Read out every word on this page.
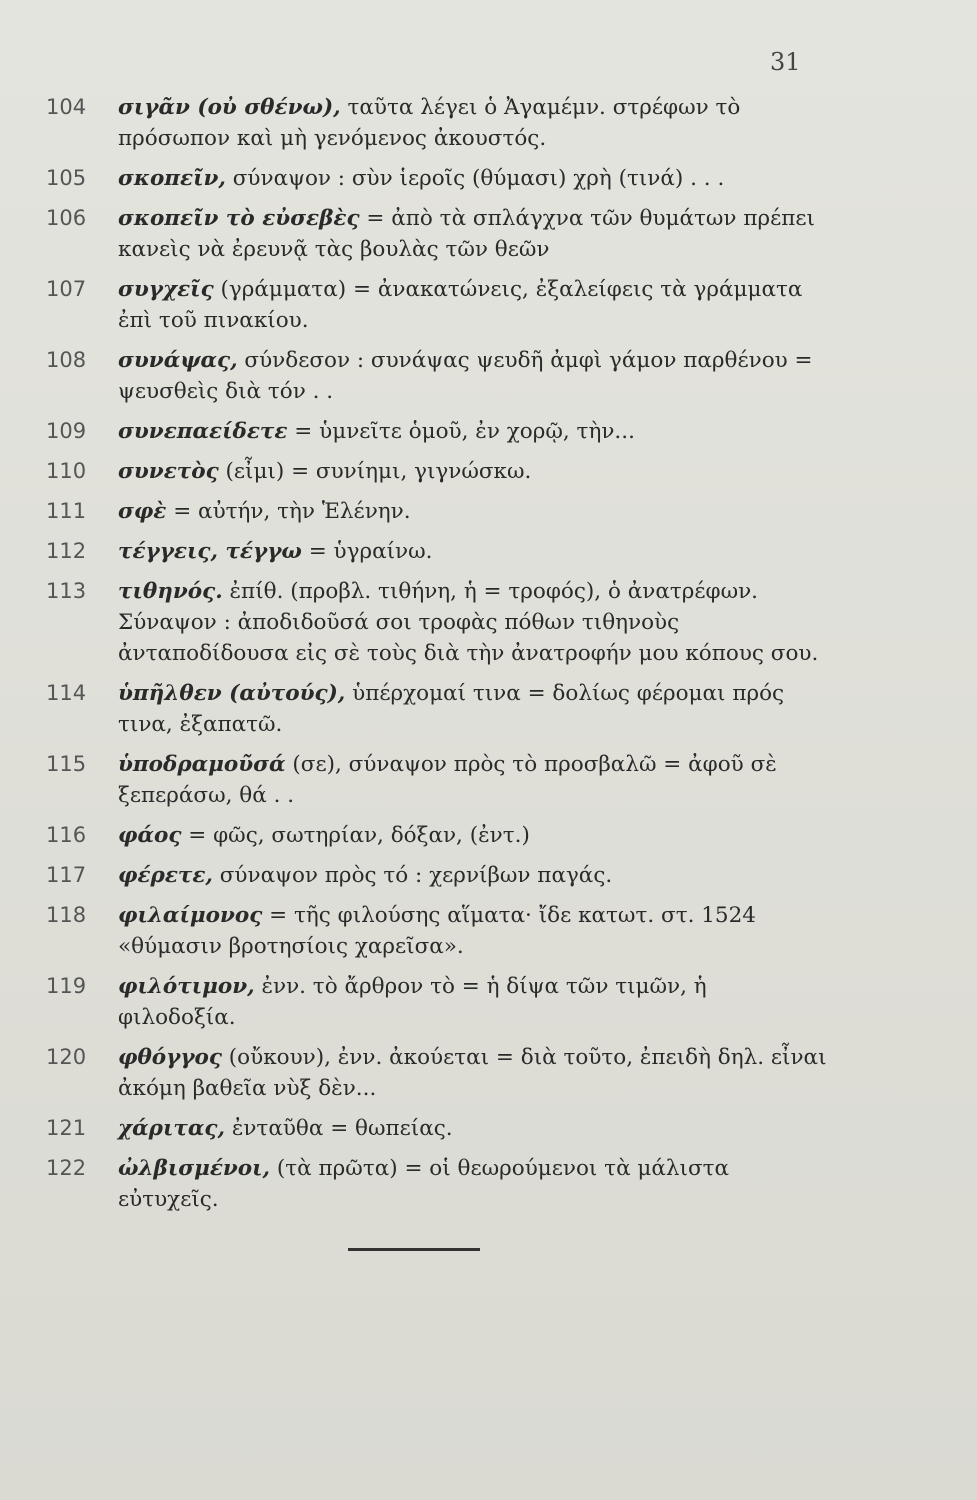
31
104 σιγᾶν (οὐ σθένω), ταῦτα λέγει ὁ Ἀγαμέμν. στρέφων τὸ πρόσωπον καὶ μὴ γενόμενος ἀκουστός.
105 σκοπεῖν, σύναψον : σὺν ἱεροῖς (θύμασι) χρὴ (τινά) . . .
106 σκοπεῖν τὸ εὐσεβὲς = ἀπὸ τὰ σπλάγχνα τῶν θυμάτων πρέπει κανεὶς νὰ ἐρευνᾷ τὰς βουλὰς τῶν θεῶν
107 συγχεῖς (γράμματα) = ἀνακατώνεις, ἐξαλείφεις τὰ γράμματα ἐπὶ τοῦ πινακίου.
108 συνάψας, σύνδεσον : συνάψας ψευδῆ ἀμφὶ γάμον παρθένου = ψευσθεὶς διὰ τόν . .
109 συνεπαείδετε = ὑμνεῖτε ὁμοῦ, ἐν χορῷ, τὴν...
110 συνετὸς (εἶμι) = συνίημι, γιγνώσκω.
111 σφὲ = αὐτήν, τὴν Ἑλένην.
112 τέγγεις, τέγγω = ὑγραίνω.
113 τιθηνός. ἐπίθ. (προβλ. τιθήνη, ἡ = τροφός), ὁ ἀνατρέφων. Σύναψον : ἀποδιδοῦσά σοι τροφὰς πόθων τιθηνοὺς ἀνταποδίδουσα εἰς σὲ τοὺς διὰ τὴν ἀνατροφήν μου κόπους σου.
114 ὑπῆλθεν (αὐτούς), ὑπέρχομαί τινα = δολίως φέρομαι πρός τινα, ἐξαπατῶ.
115 ὑποδραμοῦσά (σε), σύναψον πρὸς τὸ προσβαλῶ = ἀφοῦ σὲ ξεπεράσω, θά . .
116 φάος = φῶς, σωτηρίαν, δόξαν, (ἐντ.)
117 φέρετε, σύναψον πρὸς τό : χερνίβων παγάς.
118 φιλαίμονος = τῆς φιλούσης αἵματα· ἴδε κατωτ. στ. 1524 «θύμασιν βροτησίοις χαρεῖσα».
119 φιλότιμον, ἐνν. τὸ ἄρθρον τὸ = ἡ δίψα τῶν τιμῶν, ἡ φιλοδοξία.
120 φθόγγος (οὔκουν), ἐνν. ἀκούεται = διὰ τοῦτο, ἐπειδὴ δηλ. εἶναι ἀκόμη βαθεῖα νὺξ δὲν...
121 χάριτας, ἐνταῦθα = θωπείας.
122 ὠλβισμένοι, (τὰ πρῶτα) = οἱ θεωρούμενοι τὰ μάλιστα εὐτυχεῖς.
